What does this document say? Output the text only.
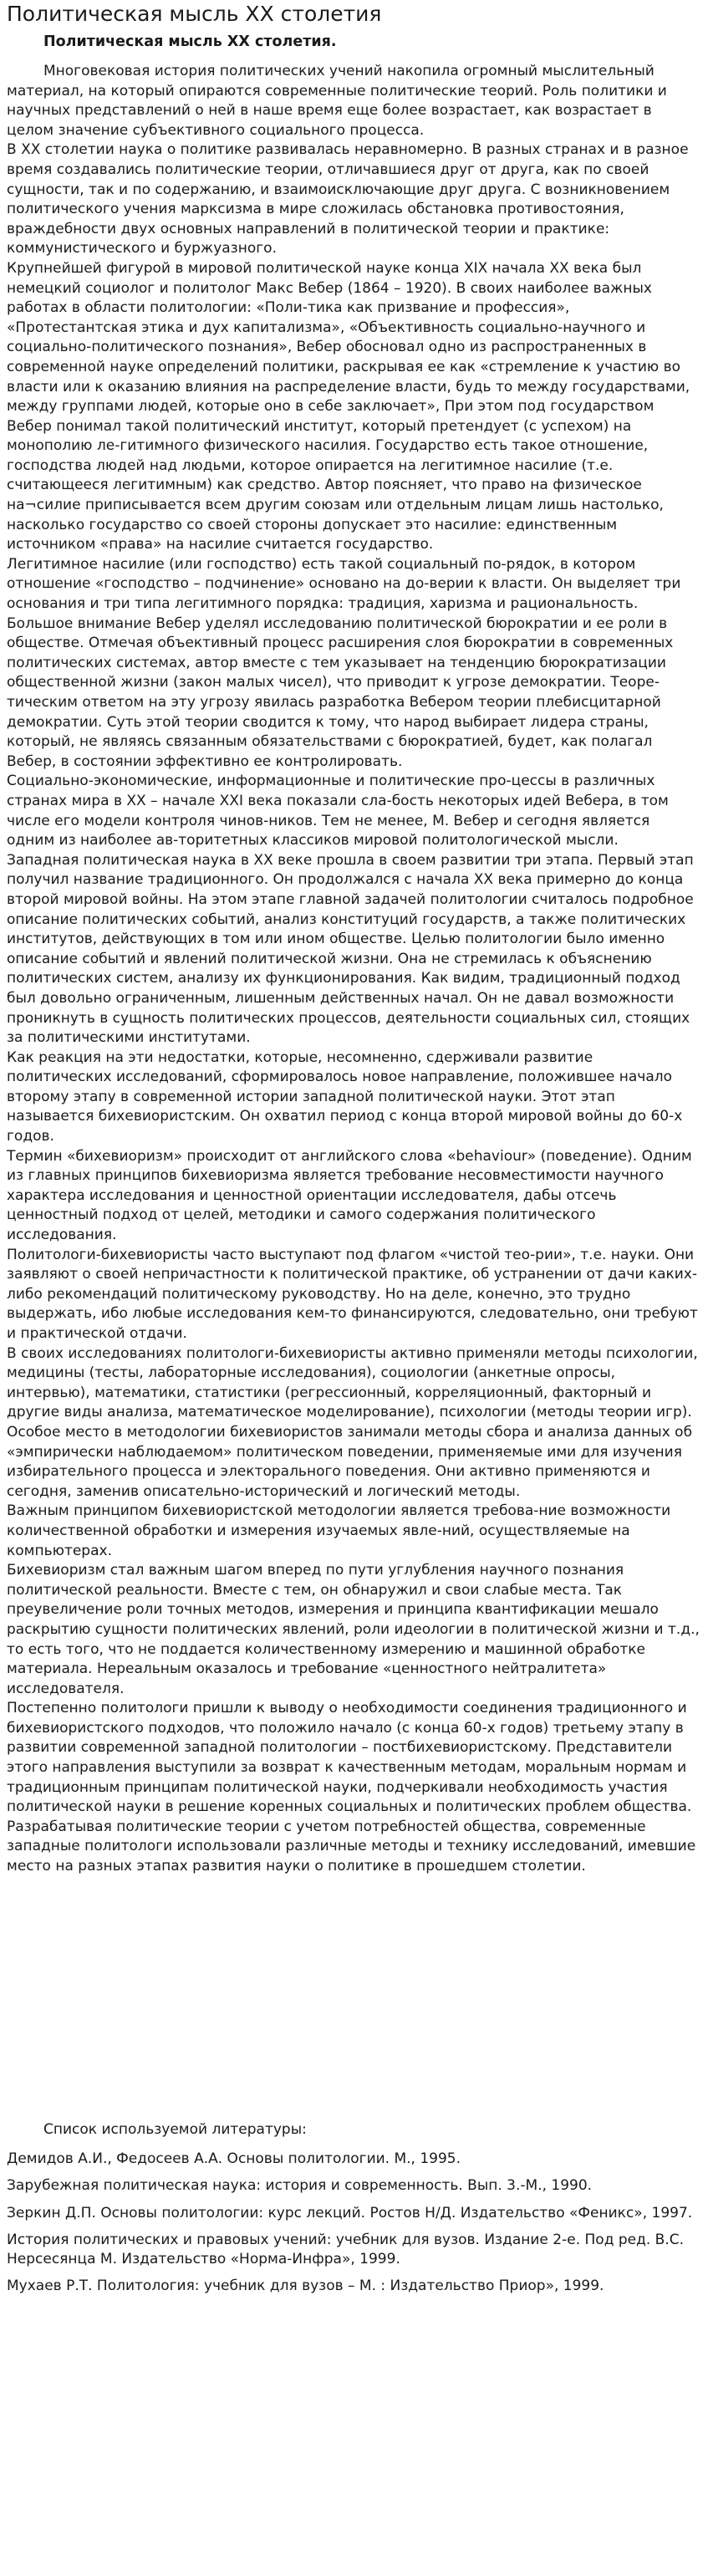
Политическая мысль XX столетия
Политическая мысль XX столетия.

Многовековая история политических учений накопила огромный мыслительный материал, на который опираются современные политические теорий. Роль политики и научных представлений о ней в наше время еще более возрастает, как возрастает в целом значение субъективного социального процесса.

В XX столетии наука о политике развивалась неравномерно. В разных странах и в разное время создавались политические теории, отличавшиеся друг от друга, как по своей сущности, так и по содержанию, и взаимоисключающие друг друга. С возникновением политического учения марксизма в мире сложилась обстановка противостояния, враждебности двух основных направлений в политической теории и практике: коммунистического и буржуазного.

Крупнейшей фигурой в мировой политической науке конца XIX начала XX века был немецкий социолог и политолог Макс Вебер (1864 – 1920). В своих наиболее важных работах в области политологии: «Поли-тика как призвание и профессия», «Протестантская этика и дух капитализма», «Объективность социально-научного и социально-политического познания», Вебер обосновал одно из распространенных в современной науке определений политики, раскрывая ее как «стремление к участию во власти или к оказанию влияния на распределение власти, будь то между государствами, между группами людей, которые оно в себе заключает», При этом под государством Вебер понимал такой политический институт, который претендует (с успехом) на монополию ле-гитимного физического насилия. Государство есть такое отношение, господства людей над людьми, которое опирается на легитимное насилие (т.е. считающееся легитимным) как средство. Автор поясняет, что право на физическое на¬силие приписывается всем другим союзам или отдельным лицам лишь настолько, насколько государство со своей стороны допускает это насилие: единственным источником «права» на насилие считается государство.

Легитимное насилие (или господство) есть такой социальный по-рядок, в котором отношение «господство – подчинение» основано на до-верии к власти. Он выделяет три основания и три типа легитимного порядка: традиция, харизма и рациональность.

Большое внимание Вебер уделял исследованию политической бюрократии и ее роли в обществе. Отмечая объективный процесс расширения слоя бюрократии в современных политических системах, автор вместе с тем указывает на тенденцию бюрократизации общественной жизни (закон малых чисел), что приводит к угрозе демократии. Теоре-тическим ответом на эту угрозу явилась разработка Вебером теории плебисцитарной демократии. Суть этой теории сводится к тому, что народ выбирает лидера страны, который, не являясь связанным обязательствами с бюрократией, будет, как полагал Вебер, в состоянии эффективно ее контролировать.

Социально-экономические, информационные и политические про-цессы в различных странах мира в XX – начале XXI века показали сла-бость некоторых идей Вебера, в том числе его модели контроля чинов-ников. Тем не менее, М. Вебер и сегодня является одним из наиболее ав-торитетных классиков мировой политологической мысли.

Западная политическая наука в XX веке прошла в своем развитии три этапа. Первый этап получил название традиционного. Он продолжался с начала XX века примерно до конца второй мировой войны. На этом этапе главной задачей политологии считалось подробное описание политических событий, анализ конституций государств, а также политических институтов, действующих в том или ином обществе. Целью политологии было именно описание событий и явлений политической жизни. Она не стремилась к объяснению политических систем, анализу их функционирования. Как видим, традиционный подход был довольно ограниченным, лишенным действенных начал. Он не давал возможности проникнуть в сущность политических процессов, деятельности социальных сил, стоящих за политическими институтами.

Как реакция на эти недостатки, которые, несомненно, сдерживали развитие политических исследований, сформировалось новое направление, положившее начало второму этапу в современной истории западной политической науки. Этот этап называется бихевиористским. Он охватил период с конца второй мировой войны до 60-х годов.

Термин «бихевиоризм» происходит от английского слова «behaviour» (поведение). Одним из главных принципов бихевиоризма является требование несовместимости научного характера исследования и ценностной ориентации исследователя, дабы отсечь ценностный подход от целей, методики и самого содержания политического исследования.

Политологи-бихевиористы часто выступают под флагом «чистой тео-рии», т.е. науки. Они заявляют о своей непричастности к политической практике, об устранении от дачи каких-либо рекомендаций политическому руководству. Но на деле, конечно, это трудно выдержать, ибо любые исследования кем-то финансируются, следовательно, они требуют и практической отдачи.

В своих исследованиях политологи-бихевиористы активно применяли методы психологии, медицины (тесты, лабораторные исследования), социологии (анкетные опросы, интервью), математики, статистики (регрессионный, корреляционный, факторный и другие виды анализа, математическое моделирование), психологии (методы теории игр). Особое место в методологии бихевиористов занимали методы сбора и анализа данных об «эмпирически наблюдаемом» политическом поведении, применяемые ими для изучения избирательного процесса и электорального поведения. Они активно применяются и сегодня, заменив описательно-исторический и логический методы.

Важным принципом бихевиористской методологии является требова-ние возможности количественной обработки и измерения изучаемых явле-ний, осуществляемые на компьютерах.

Бихевиоризм стал важным шагом вперед по пути углубления научного познания политической реальности. Вместе с тем, он обнаружил и свои слабые места. Так преувеличение роли точных методов, измерения и принципа квантификации мешало раскрытию сущности политических явлений, роли идеологии в политической жизни и т.д., то есть того, что не поддается количественному измерению и машинной обработке материала. Нереальным оказалось и требование «ценностного нейтралитета» исследователя.

Постепенно политологи пришли к выводу о необходимости соединения традиционного и бихевиористского подходов, что положило начало (с конца 60-х годов) третьему этапу в развитии современной западной политологии – постбихевиористскому. Представители этого направления выступили за возврат к качественным методам, моральным нормам и традиционным принципам политической науки, подчеркивали необходимость участия политической науки в решение коренных социальных и политических проблем общества.

Разрабатывая политические теории с учетом потребностей общества, современные западные политологи использовали различные методы и технику исследований, имевшие место на разных этапах развития науки о политике в прошедшем столетии.

Список используемой литературы:

Демидов А.И., Федосеев А.А. Основы политологии. М., 1995.

Зарубежная политическая наука: история и современность. Вып. 3.-М., 1990.

Зеркин Д.П. Основы политологии: курс лекций. Ростов Н/Д. Издательство «Феникс», 1997.

История политических и правовых учений: учебник для вузов. Издание 2-е. Под ред. В.С. Нерсесянца М. Издательство «Норма-Инфра», 1999.

Мухаев Р.Т. Политология: учебник для вузов – М. : Издательство Приор», 1999.
